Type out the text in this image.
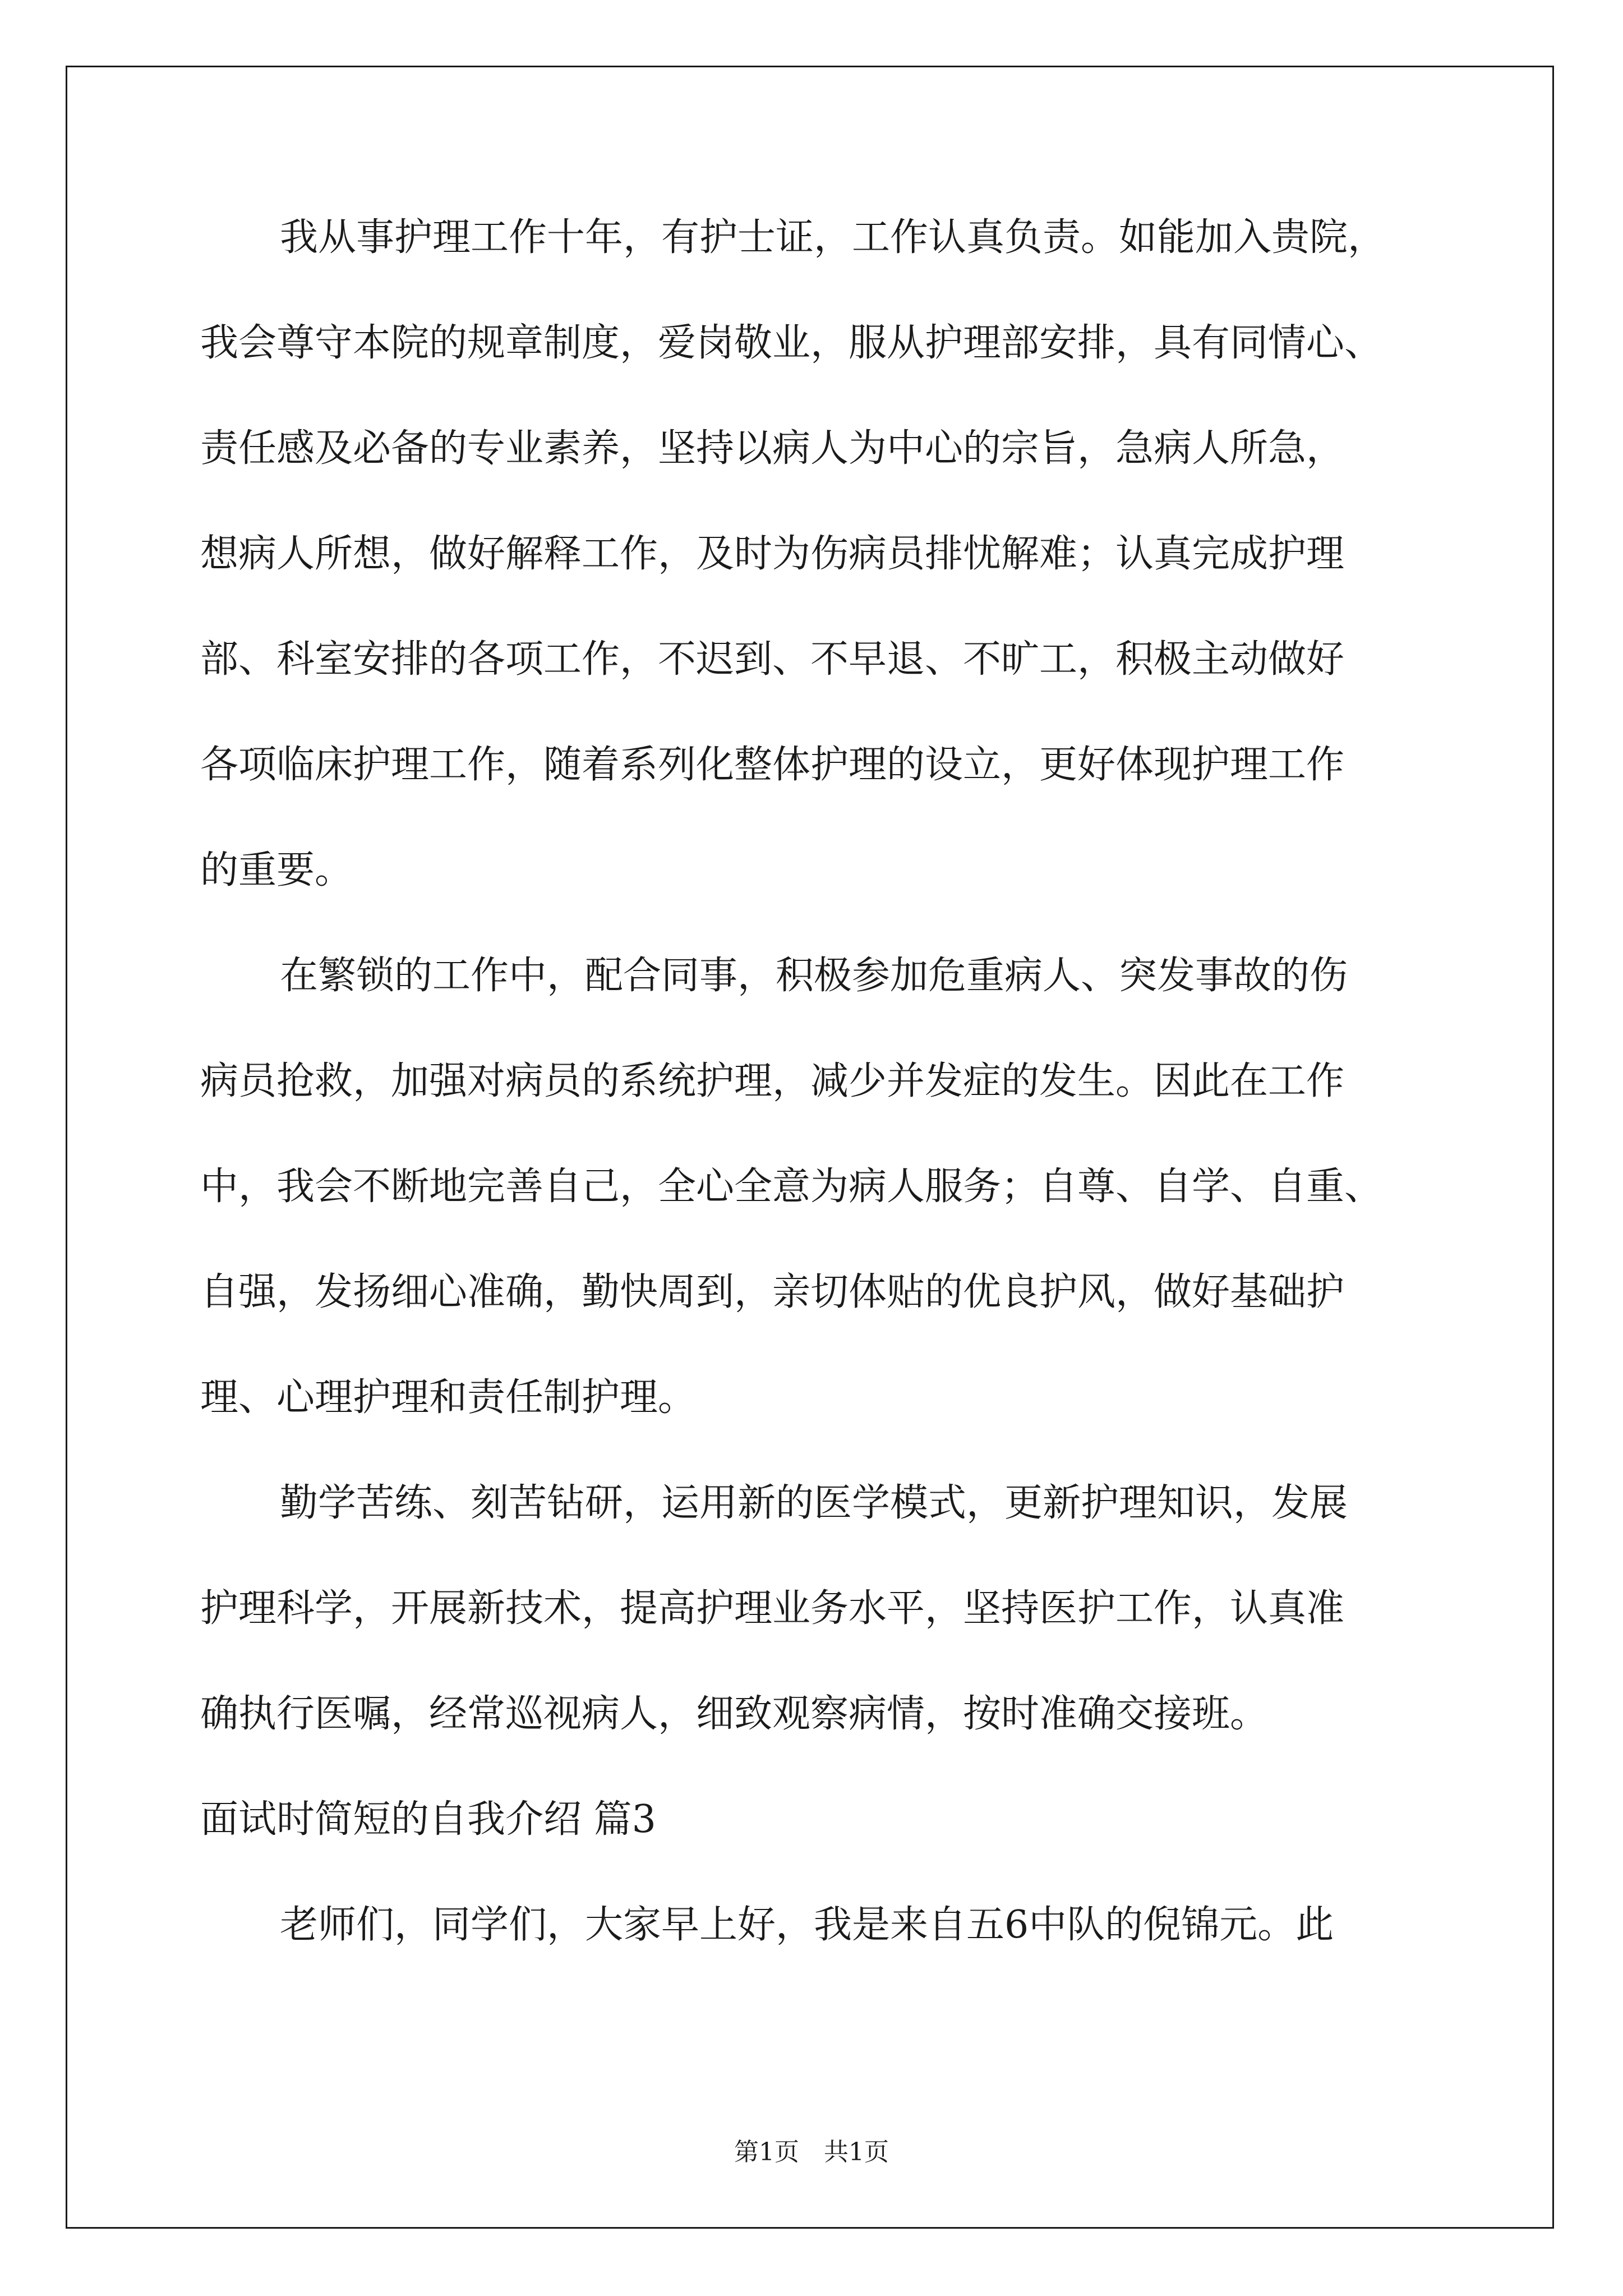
我从事护理工作十年，有护士证，工作认真负责。如能加入贵院，
我会尊守本院的规章制度，爱岗敬业，服从护理部安排，具有同情心、
责任感及必备的专业素养，坚持以病人为中心的宗旨，急病人所急，
想病人所想，做好解释工作，及时为伤病员排忧解难；认真完成护理
部、科室安排的各项工作，不迟到、不早退、不旷工，积极主动做好
各项临床护理工作，随着系列化整体护理的设立，更好体现护理工作
的重要。
在繁锁的工作中，配合同事，积极参加危重病人、突发事故的伤
病员抢救，加强对病员的系统护理，减少并发症的发生。因此在工作
中，我会不断地完善自己，全心全意为病人服务；自尊、自学、自重、
自强，发扬细心准确，勤快周到，亲切体贴的优良护风，做好基础护
理、心理护理和责任制护理。
勤学苦练、刻苦钻研，运用新的医学模式，更新护理知识，发展
护理科学，开展新技术，提高护理业务水平，坚持医护工作，认真准
确执行医嘱，经常巡视病人，细致观察病情，按时准确交接班。
面试时简短的自我介绍 篇3
老师们，同学们，大家早上好，我是来自五6中队的倪锦元。此
第1页　共1页
